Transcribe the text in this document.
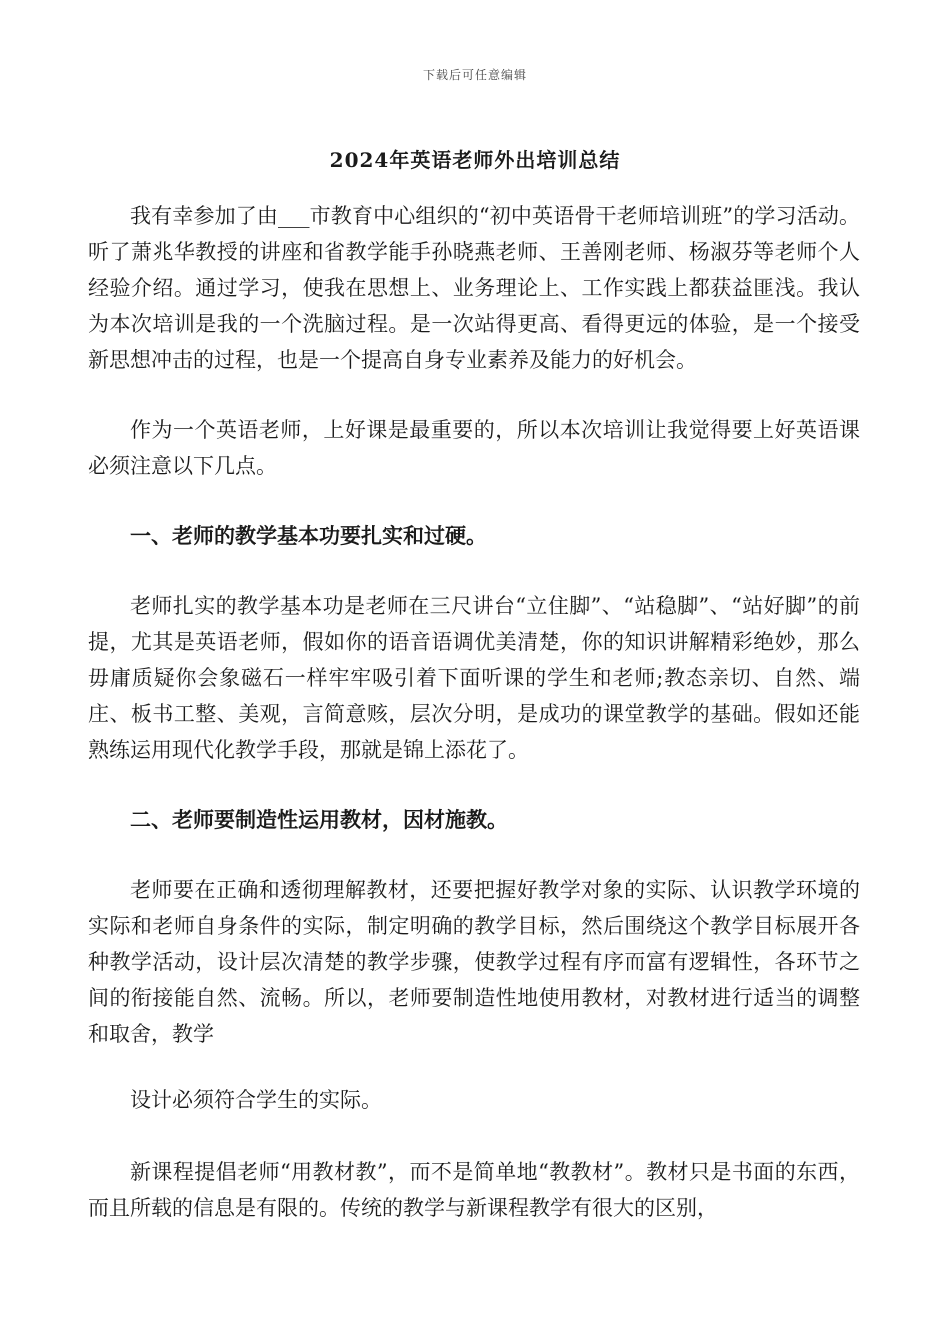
下载后可任意编辑
2024年英语老师外出培训总结

我有幸参加了由___市教育中心组织的“初中英语骨干老师培训班”的学习活动。听了萧兆华教授的讲座和省教学能手孙晓燕老师、王善刚老师、杨淑芬等老师个人经验介绍。通过学习，使我在思想上、业务理论上、工作实践上都获益匪浅。我认为本次培训是我的一个洗脑过程。是一次站得更高、看得更远的体验，是一个接受新思想冲击的过程，也是一个提高自身专业素养及能力的好机会。

作为一个英语老师，上好课是最重要的，所以本次培训让我觉得要上好英语课必须注意以下几点。

一、老师的教学基本功要扎实和过硬。

老师扎实的教学基本功是老师在三尺讲台“立住脚”、“站稳脚”、“站好脚”的前提，尤其是英语老师，假如你的语音语调优美清楚，你的知识讲解精彩绝妙，那么毋庸质疑你会象磁石一样牢牢吸引着下面听课的学生和老师;教态亲切、自然、端庄、板书工整、美观，言简意赅，层次分明，是成功的课堂教学的基础。假如还能熟练运用现代化教学手段，那就是锦上添花了。

二、老师要制造性运用教材，因材施教。

老师要在正确和透彻理解教材，还要把握好教学对象的实际、认识教学环境的实际和老师自身条件的实际，制定明确的教学目标，然后围绕这个教学目标展开各种教学活动，设计层次清楚的教学步骤，使教学过程有序而富有逻辑性，各环节之间的衔接能自然、流畅。所以，老师要制造性地使用教材，对教材进行适当的调整和取舍，教学

设计必须符合学生的实际。

新课程提倡老师“用教材教”，而不是简单地“教教材”。教材只是书面的东西，而且所载的信息是有限的。传统的教学与新课程教学有很大的区别，
